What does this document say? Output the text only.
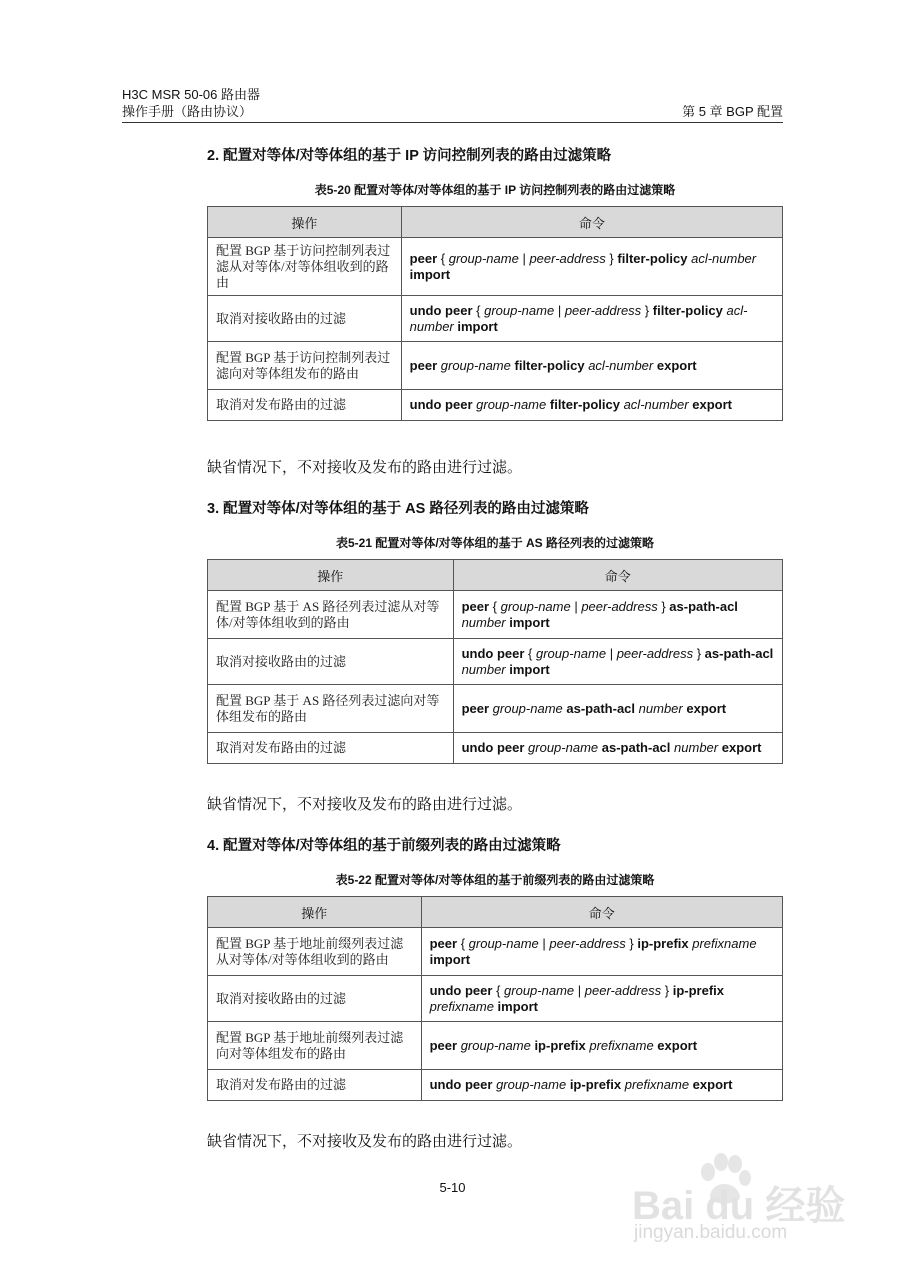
H3C MSR 50-06 路由器
操作手册（路由协议）	第 5 章 BGP 配置

2. 配置对等体/对等体组的基于 IP 访问控制列表的路由过滤策略

表5-20 配置对等体/对等体组的基于 IP 访问控制列表的路由过滤策略
操作	命令
配置 BGP 基于访问控制列表过滤从对等体/对等体组收到的路由	peer { group-name | peer-address } filter-policy acl-number import
取消对接收路由的过滤	undo peer { group-name | peer-address } filter-policy acl-number import
配置 BGP 基于访问控制列表过滤向对等体组发布的路由	peer group-name filter-policy acl-number export
取消对发布路由的过滤	undo peer group-name filter-policy acl-number export
缺省情况下，不对接收及发布的路由进行过滤。

3. 配置对等体/对等体组的基于 AS 路径列表的路由过滤策略

表5-21 配置对等体/对等体组的基于 AS 路径列表的过滤策略
操作	命令
配置 BGP 基于 AS 路径列表过滤从对等体/对等体组收到的路由	peer { group-name | peer-address } as-path-acl number import
取消对接收路由的过滤	undo peer { group-name | peer-address } as-path-acl number import
配置 BGP 基于 AS 路径列表过滤向对等体组发布的路由	peer group-name as-path-acl number export
取消对发布路由的过滤	undo peer group-name as-path-acl number export
缺省情况下，不对接收及发布的路由进行过滤。

4. 配置对等体/对等体组的基于前缀列表的路由过滤策略

表5-22 配置对等体/对等体组的基于前缀列表的路由过滤策略
操作	命令
配置 BGP 基于地址前缀列表过滤从对等体/对等体组收到的路由	peer { group-name | peer-address } ip-prefix prefixname import
取消对接收路由的过滤	undo peer { group-name | peer-address } ip-prefix prefixname import
配置 BGP 基于地址前缀列表过滤向对等体组发布的路由	peer group-name ip-prefix prefixname export
取消对发布路由的过滤	undo peer group-name ip-prefix prefixname export
缺省情况下，不对接收及发布的路由进行过滤。
5-10	Bai du 经验
jingyan.baidu.com
